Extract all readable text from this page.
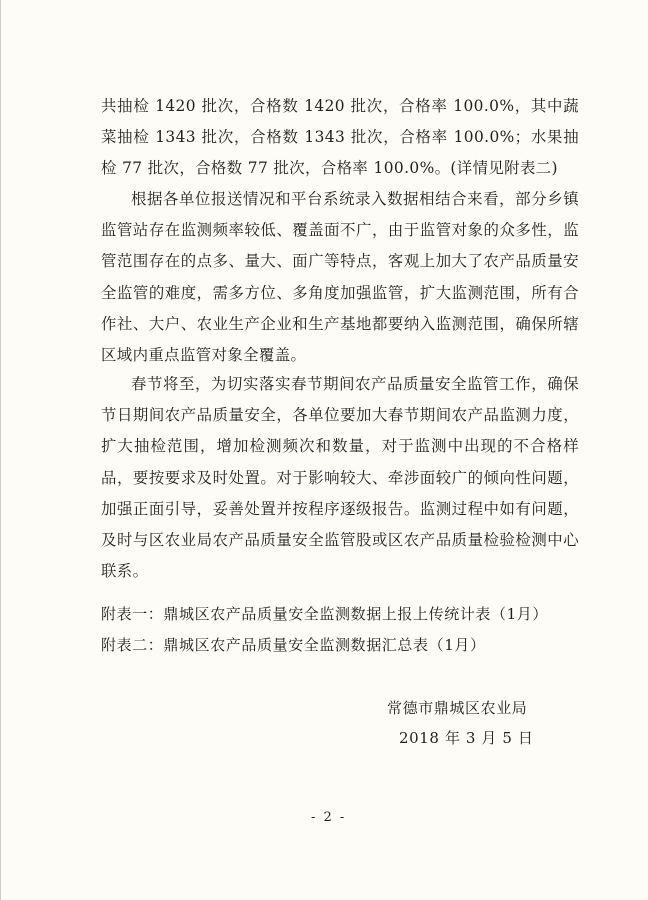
共抽检 1420 批次，合格数 1420 批次，合格率 100.0%，其中蔬菜抽检 1343 批次，合格数 1343 批次，合格率 100.0%；水果抽检 77 批次，合格数 77 批次，合格率 100.0%。(详情见附表二)
根据各单位报送情况和平台系统录入数据相结合来看，部分乡镇监管站存在监测频率较低、覆盖面不广，由于监管对象的众多性，监管范围存在的点多、量大、面广等特点，客观上加大了农产品质量安全监管的难度，需多方位、多角度加强监管，扩大监测范围，所有合作社、大户、农业生产企业和生产基地都要纳入监测范围，确保所辖区域内重点监管对象全覆盖。
春节将至，为切实落实春节期间农产品质量安全监管工作，确保节日期间农产品质量安全，各单位要加大春节期间农产品监测力度，扩大抽检范围，增加检测频次和数量，对于监测中出现的不合格样品，要按要求及时处置。对于影响较大、牵涉面较广的倾向性问题，加强正面引导，妥善处置并按程序逐级报告。监测过程中如有问题，及时与区农业局农产品质量安全监管股或区农产品质量检验检测中心联系。
附表一：鼎城区农产品质量安全监测数据上报上传统计表（1月）
附表二：鼎城区农产品质量安全监测数据汇总表（1月）
常德市鼎城区农业局
2018 年 3 月 5 日
- 2 -
